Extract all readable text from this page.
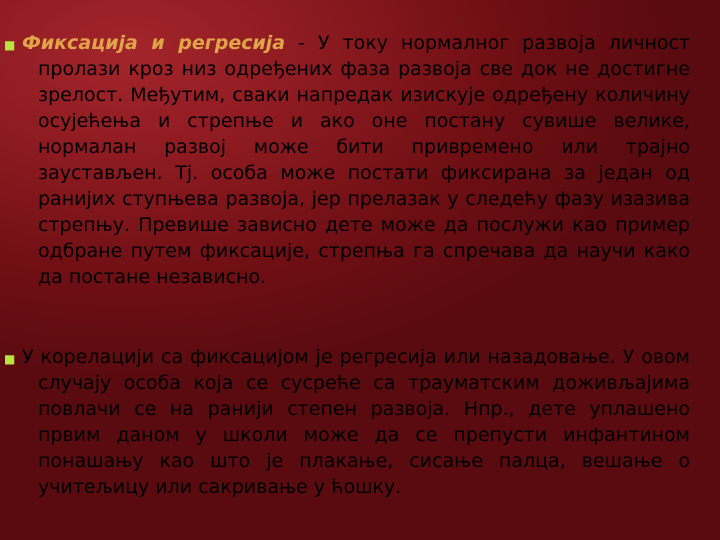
■ Фиксација и регресија - У току нормалног развоја личност пролази кроз низ одређених фаза развоја све док не достигне зрелост. Међутим, сваки напредак изискује одређену количину осујећења и стрепње и ако оне постану сувише велике, нормалан развој може бити привремено или трајно заустављен. Тј. особа може постати фиксирана за један од ранијих ступњева развоја, јер прелазак у следећу фазу изазива стрепњу. Превише зависно дете може да послужи као пример одбране путем фиксације, стрепња га спречава да научи како да постане независно.
■ У корелацији са фиксацијом је регресија или назадовање. У овом случају особа која се сусреће са трауматским доживљајима повлачи се на ранији степен развоја. Нпр., дете уплашено првим даном у школи може да се препусти инфантином понашању као што је плакање, сисање палца, вешање о учитељицу или сакривање у ћошку.
